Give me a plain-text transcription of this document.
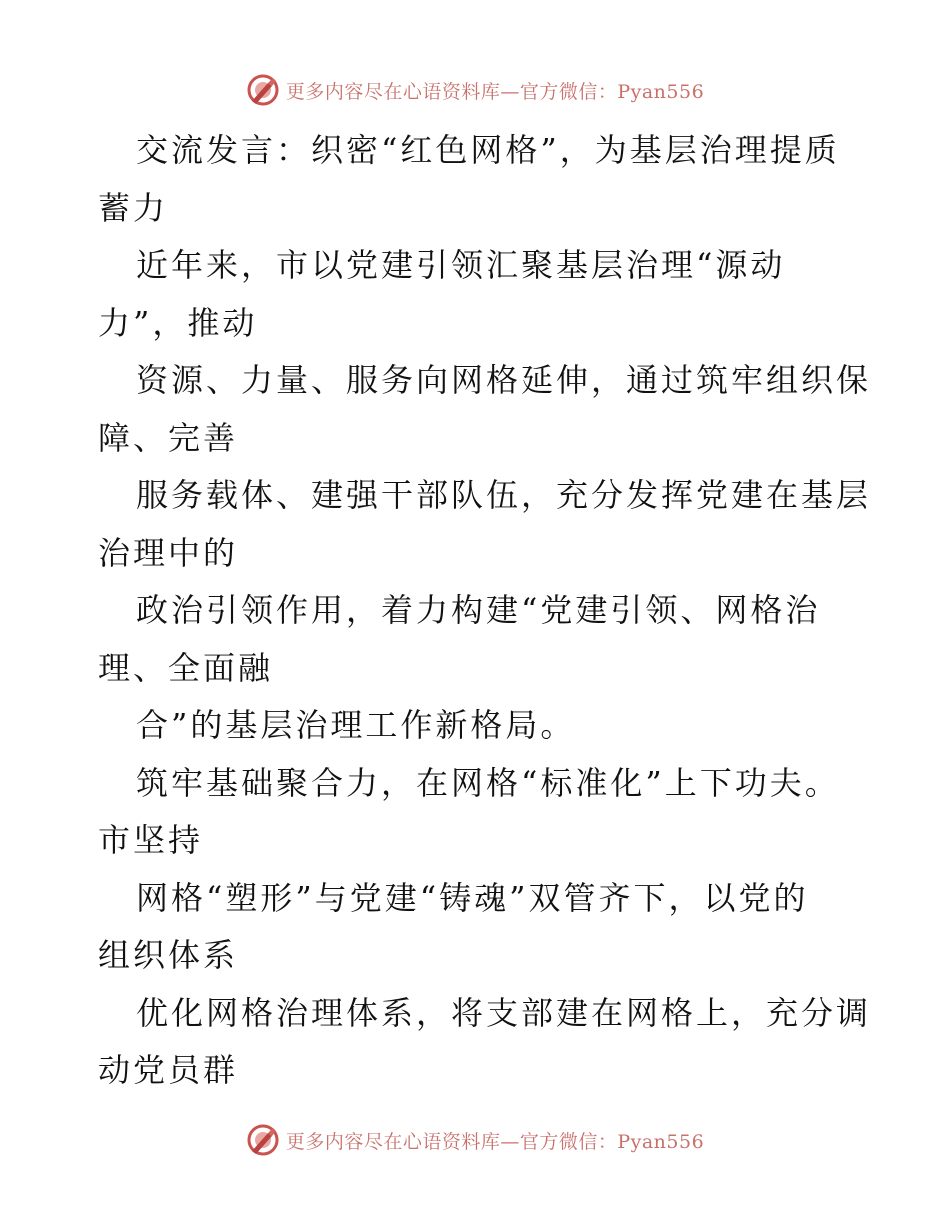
更多内容尽在心语资料库—官方微信：Pyan556
交流发言：织密“红色网格”，为基层治理提质
蓄力
近年来，市以党建引领汇聚基层治理“源动
力”，推动
资源、力量、服务向网格延伸，通过筑牢组织保
障、完善
服务载体、建强干部队伍，充分发挥党建在基层
治理中的
政治引领作用，着力构建“党建引领、网格治
理、全面融
合”的基层治理工作新格局。
筑牢基础聚合力，在网格“标准化”上下功夫。
市坚持
网格“塑形”与党建“铸魂”双管齐下，以党的
组织体系
优化网格治理体系，将支部建在网格上，充分调
动党员群
更多内容尽在心语资料库—官方微信：Pyan556
